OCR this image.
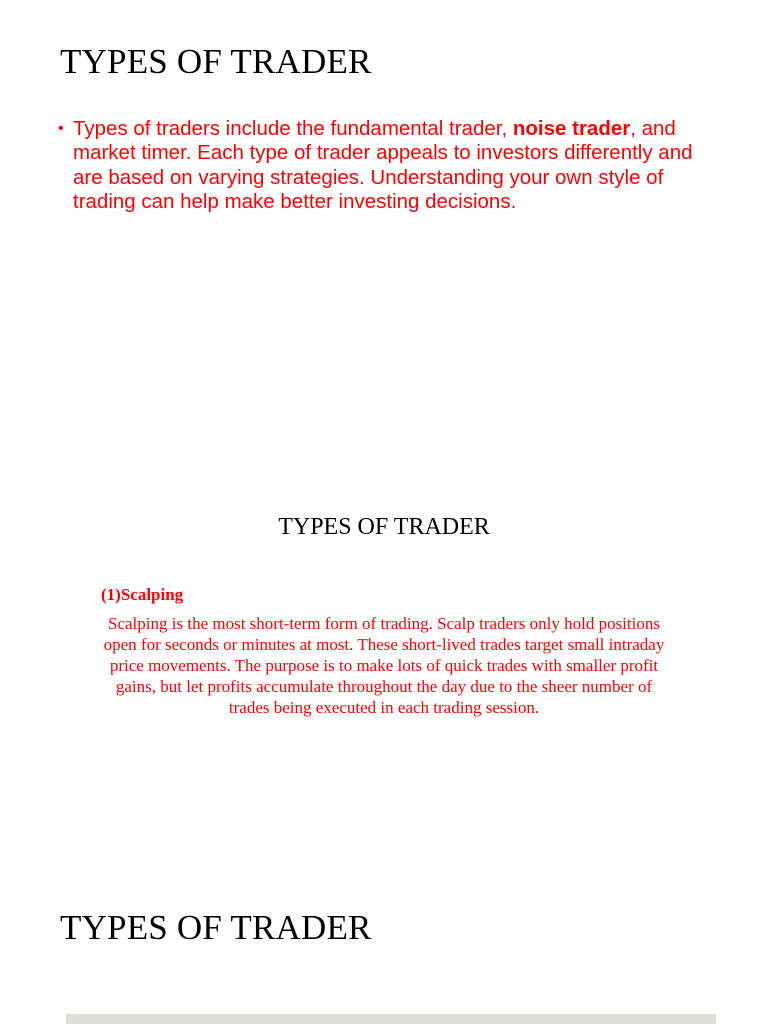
TYPES OF TRADER
• Types of traders include the fundamental trader, noise trader, and market timer. Each type of trader appeals to investors differently and are based on varying strategies. Understanding your own style of trading can help make better investing decisions.
TYPES OF TRADER
(1)Scalping

Scalping is the most short-term form of trading. Scalp traders only hold positions open for seconds or minutes at most. These short-lived trades target small intraday price movements. The purpose is to make lots of quick trades with smaller profit gains, but let profits accumulate throughout the day due to the sheer number of trades being executed in each trading session.

TYPES OF TRADER
